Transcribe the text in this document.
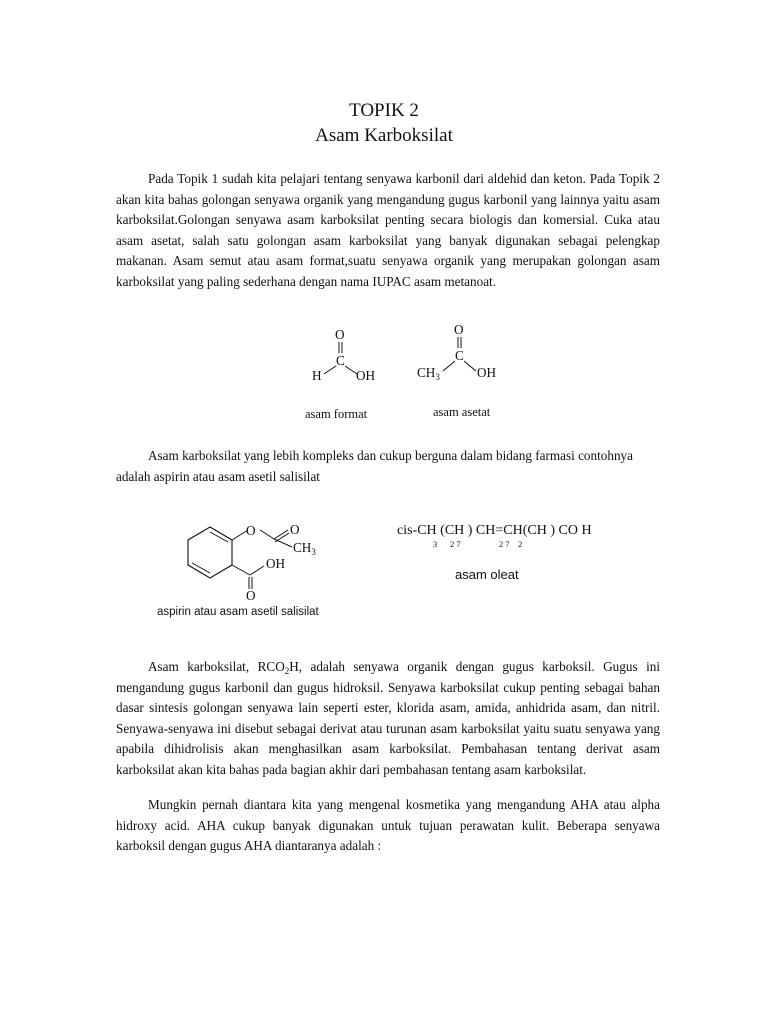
TOPIK 2
Asam Karboksilat
Pada Topik 1 sudah kita pelajari tentang senyawa karbonil dari aldehid dan keton. Pada Topik 2 akan kita bahas golongan senyawa organik yang mengandung gugus karbonil yang lainnya yaitu asam karboksilat.Golongan senyawa asam karboksilat penting secara biologis dan komersial. Cuka atau asam asetat, salah satu golongan asam karboksilat yang banyak digunakan sebagai pelengkap makanan. Asam semut atau asam format,suatu senyawa organik yang merupakan golongan asam karboksilat yang paling sederhana dengan nama IUPAC asam metanoat.
O
C
H	OH
asam format
O
C
$CH_3$	OH
asam asetat
Asam karboksilat yang lebih kompleks dan cukup berguna dalam bidang farmasi contohnya adalah aspirin atau asam asetil salisilat
O	O
$CH_3$
OH
O
aspirin atau asam asetil salisilat
cis-CH (CH ) CH=CH(CH ) CO H
3      2 7                  2 7    2
asam oleat
Asam karboksilat, $RCO_2H$, adalah senyawa organik dengan gugus karboksil. Gugus ini mengandung gugus karbonil dan gugus hidroksil. Senyawa karboksilat cukup penting sebagai bahan dasar sintesis golongan senyawa lain seperti ester, klorida asam, amida, anhidrida asam, dan nitril. Senyawa-senyawa ini disebut sebagai derivat atau turunan asam karboksilat yaitu suatu senyawa yang apabila dihidrolisis akan menghasilkan asam karboksilat. Pembahasan tentang derivat asam karboksilat akan kita bahas pada bagian akhir dari pembahasan tentang asam karboksilat.
Mungkin pernah diantara kita yang mengenal kosmetika yang mengandung AHA atau alpha hidroxy acid. AHA cukup banyak digunakan untuk tujuan perawatan kulit. Beberapa senyawa karboksil dengan gugus AHA diantaranya adalah :
